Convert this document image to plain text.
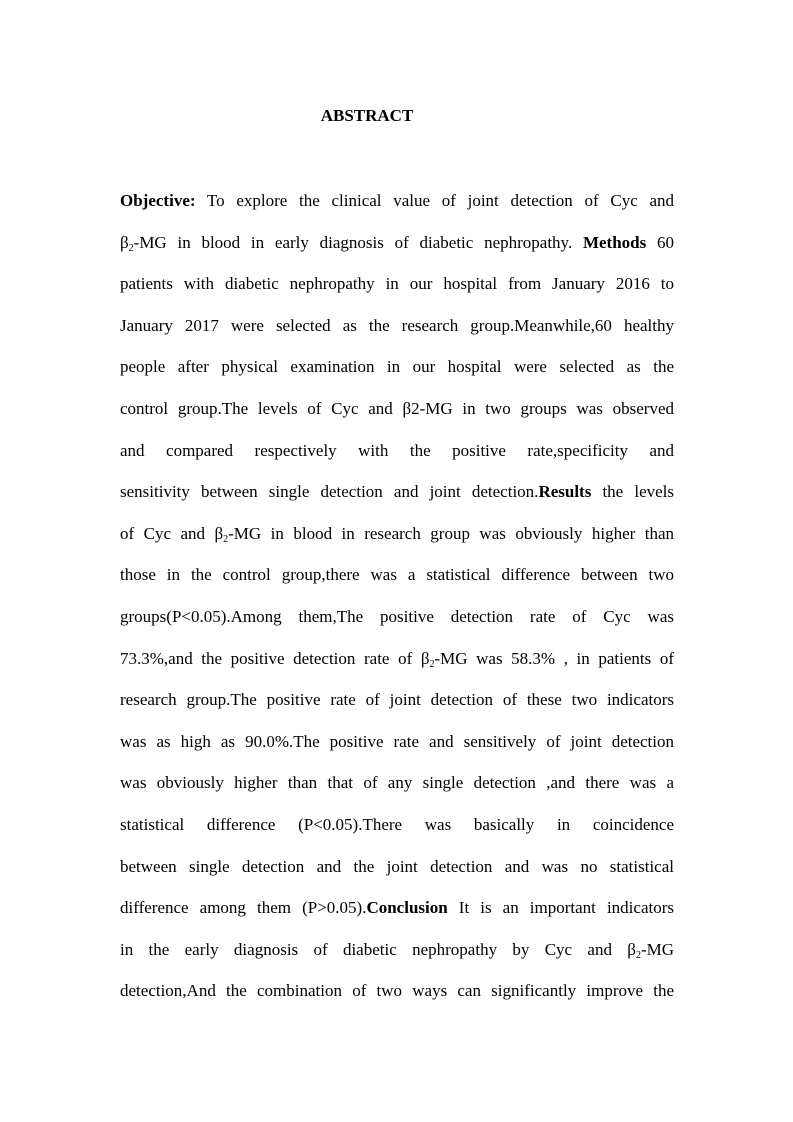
ABSTRACT
Objective: To explore the clinical value of joint detection of Cyc and
$\beta_2-MG$ in blood in early diagnosis of diabetic nephropathy. Methods 60
patients with diabetic nephropathy in our hospital from January 2016 to
January 2017 were selected as the research group.Meanwhile,60 healthy
people after physical examination in our hospital were selected as the
control group.The levels of Cyc and β2-MG in two groups was observed
and compared respectively with the positive rate,specificity and
sensitivity between single detection and joint detection.Results the levels
of Cyc and $\beta_2-MG$ in blood in research group was obviously higher than
those in the control group,there was a statistical difference between two
groups(P<0.05).Among them,The positive detection rate of Cyc was
73.3%,and the positive detection rate of $\beta_2-MG$ was 58.3% , in patients of
research group.The positive rate of joint detection of these two indicators
was as high as 90.0%.The positive rate and sensitively of joint detection
was obviously higher than that of any single detection ,and there was a
statistical difference (P<0.05).There was basically in coincidence
between single detection and the joint detection and was no statistical
difference among them (P>0.05).Conclusion It is an important indicators
in the early diagnosis of diabetic nephropathy by Cyc and $\beta_2-MG$
detection,And the combination of two ways can significantly improve the
